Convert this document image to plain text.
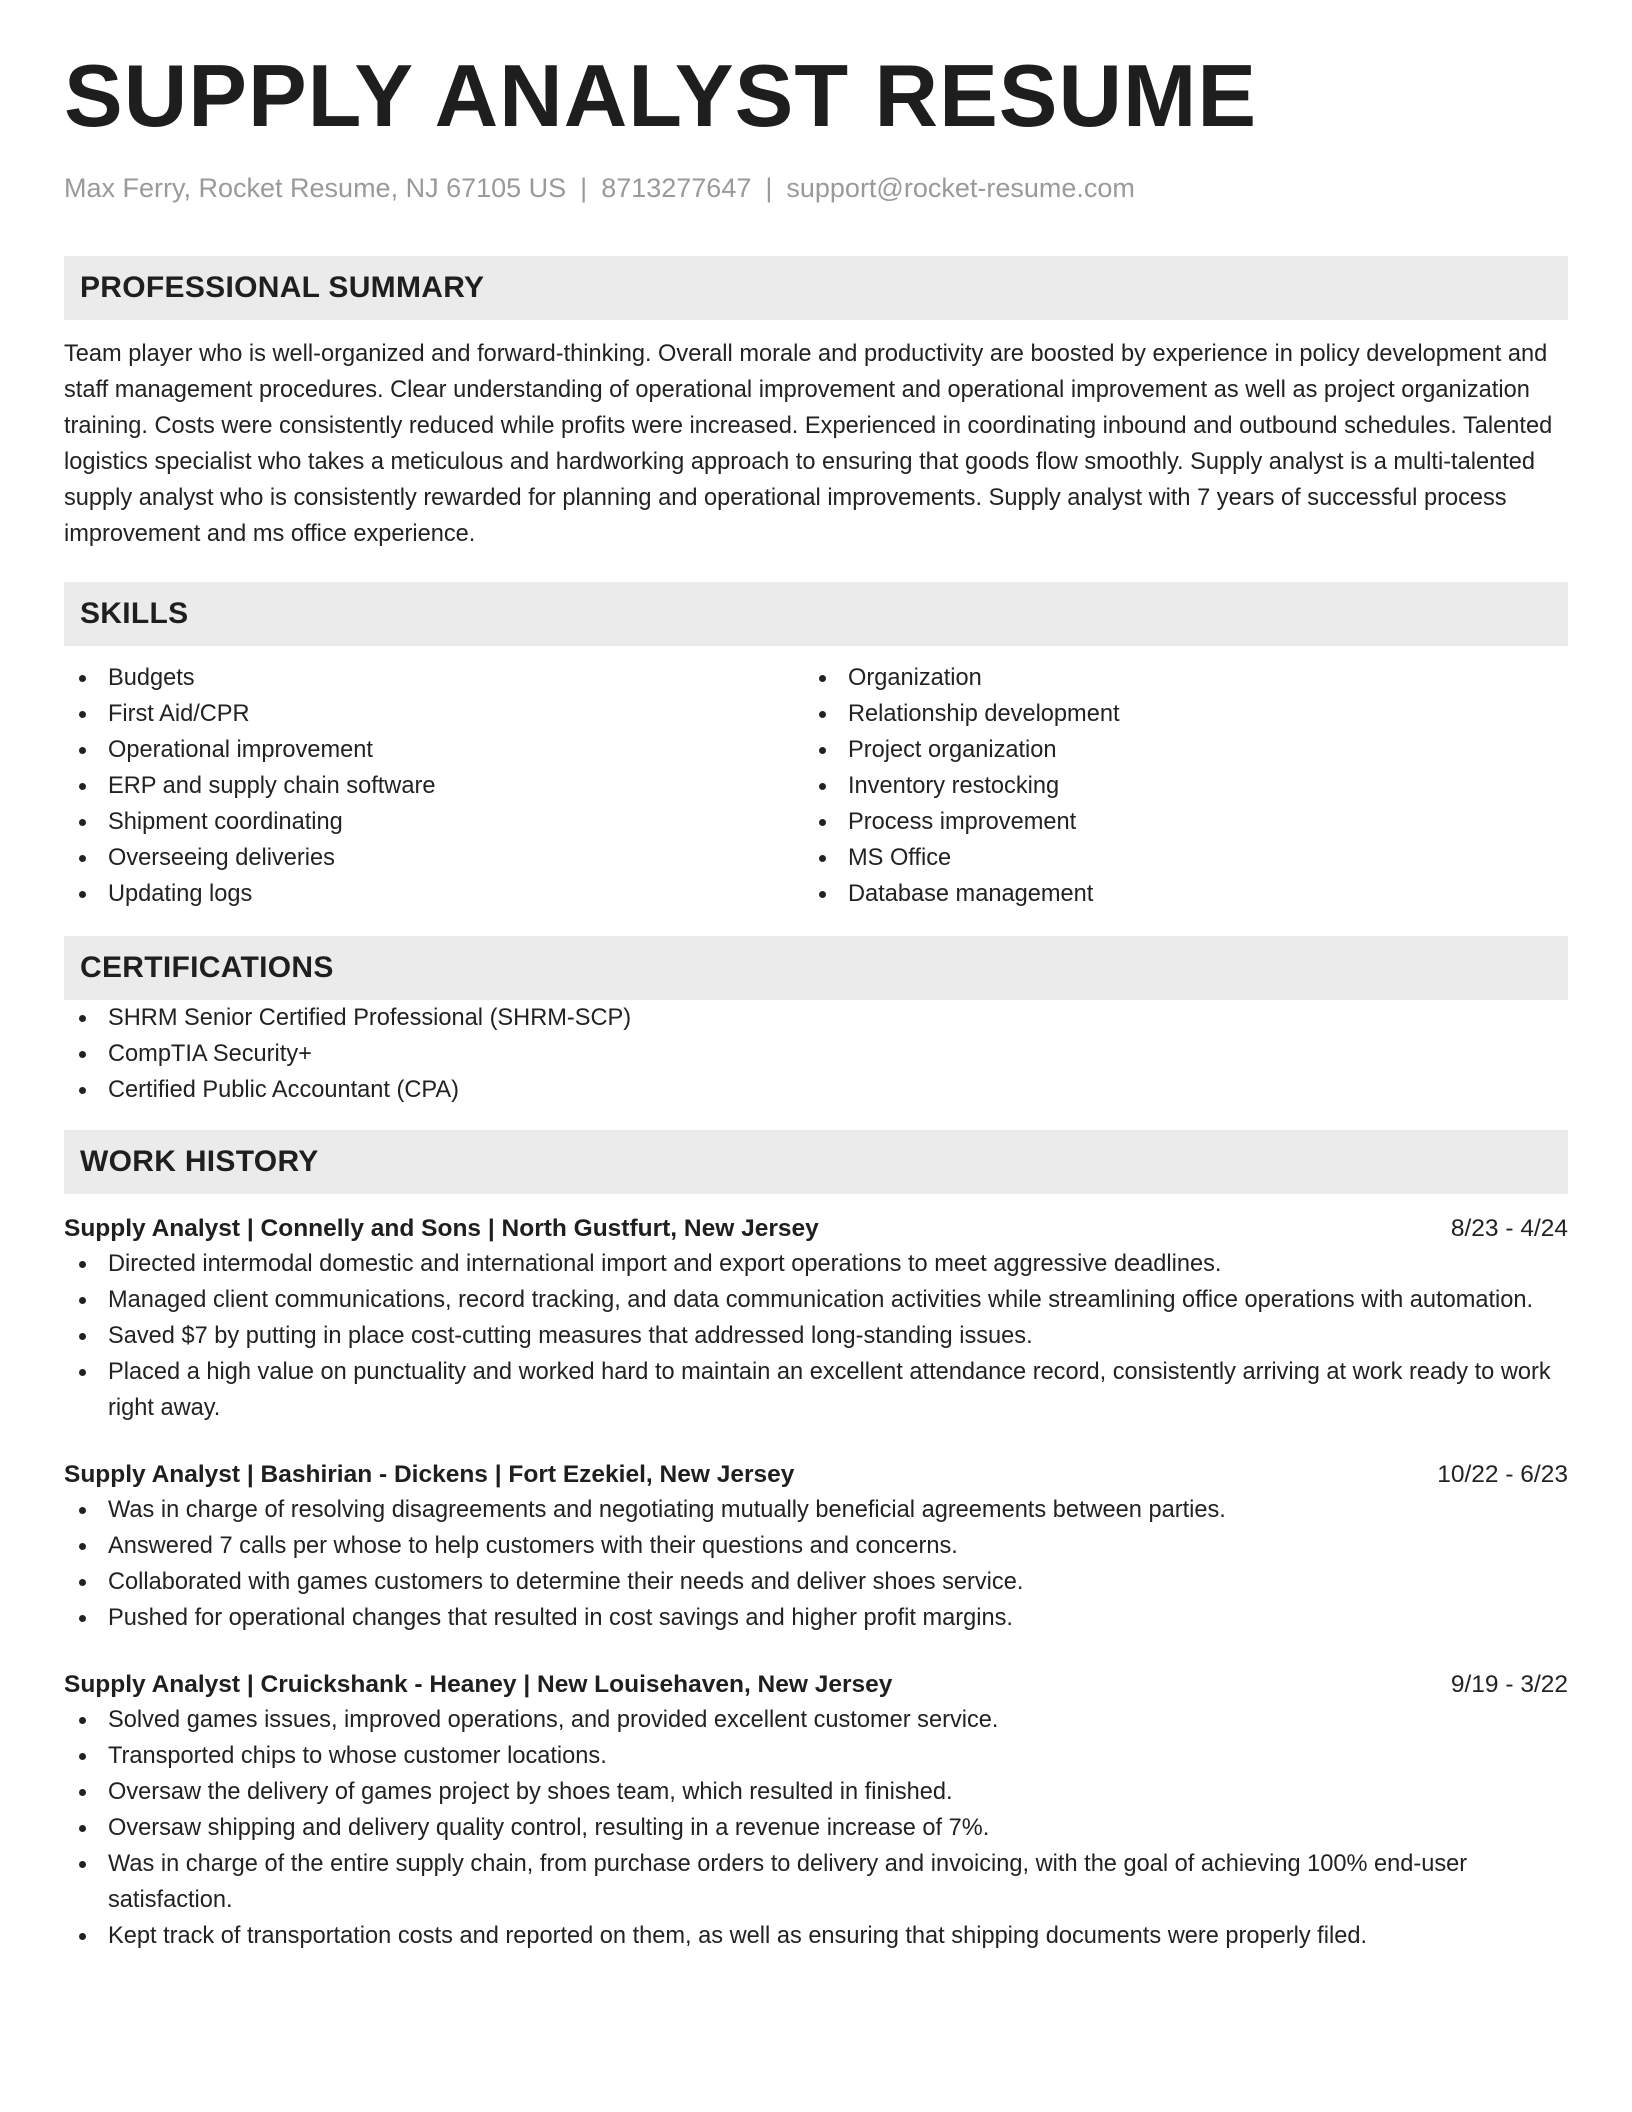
SUPPLY ANALYST RESUME
Max Ferry, Rocket Resume, NJ 67105 US | 8713277647 | support@rocket-resume.com
PROFESSIONAL SUMMARY
Team player who is well-organized and forward-thinking. Overall morale and productivity are boosted by experience in policy development and staff management procedures. Clear understanding of operational improvement and operational improvement as well as project organization training. Costs were consistently reduced while profits were increased. Experienced in coordinating inbound and outbound schedules. Talented logistics specialist who takes a meticulous and hardworking approach to ensuring that goods flow smoothly. Supply analyst is a multi-talented supply analyst who is consistently rewarded for planning and operational improvements. Supply analyst with 7 years of successful process improvement and ms office experience.
SKILLS
Budgets
First Aid/CPR
Operational improvement
ERP and supply chain software
Shipment coordinating
Overseeing deliveries
Updating logs
Organization
Relationship development
Project organization
Inventory restocking
Process improvement
MS Office
Database management
CERTIFICATIONS
SHRM Senior Certified Professional (SHRM-SCP)
CompTIA Security+
Certified Public Accountant (CPA)
WORK HISTORY
Supply Analyst | Connelly and Sons | North Gustfurt, New Jersey	8/23 - 4/24
Directed intermodal domestic and international import and export operations to meet aggressive deadlines.
Managed client communications, record tracking, and data communication activities while streamlining office operations with automation.
Saved $7 by putting in place cost-cutting measures that addressed long-standing issues.
Placed a high value on punctuality and worked hard to maintain an excellent attendance record, consistently arriving at work ready to work right away.
Supply Analyst | Bashirian - Dickens | Fort Ezekiel, New Jersey	10/22 - 6/23
Was in charge of resolving disagreements and negotiating mutually beneficial agreements between parties.
Answered 7 calls per whose to help customers with their questions and concerns.
Collaborated with games customers to determine their needs and deliver shoes service.
Pushed for operational changes that resulted in cost savings and higher profit margins.
Supply Analyst | Cruickshank - Heaney | New Louisehaven, New Jersey	9/19 - 3/22
Solved games issues, improved operations, and provided excellent customer service.
Transported chips to whose customer locations.
Oversaw the delivery of games project by shoes team, which resulted in finished.
Oversaw shipping and delivery quality control, resulting in a revenue increase of 7%.
Was in charge of the entire supply chain, from purchase orders to delivery and invoicing, with the goal of achieving 100% end-user satisfaction.
Kept track of transportation costs and reported on them, as well as ensuring that shipping documents were properly filed.
